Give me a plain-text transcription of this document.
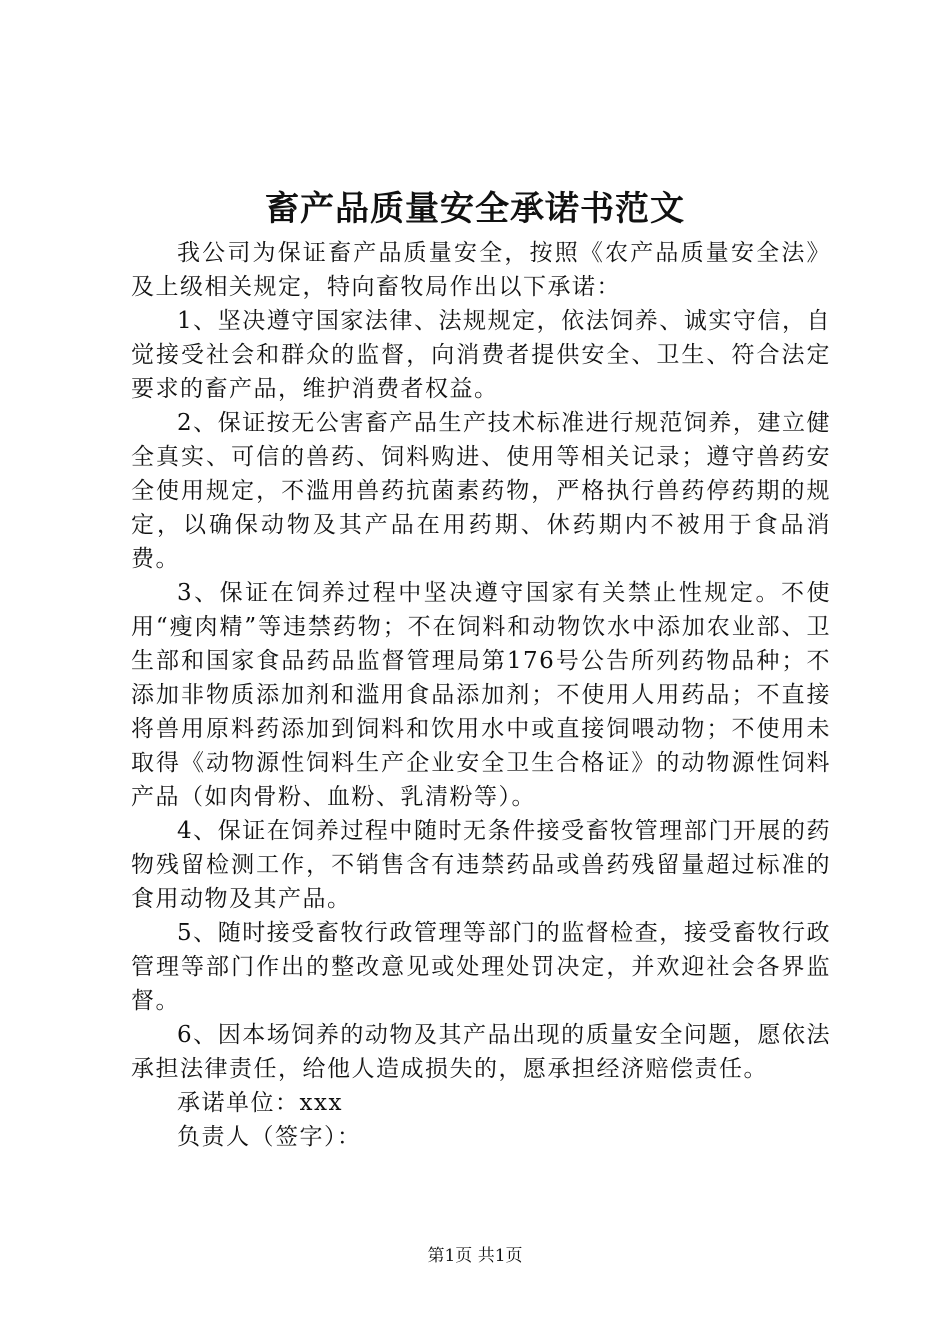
畜产品质量安全承诺书范文

我公司为保证畜产品质量安全，按照《农产品质量安全法》及上级相关规定，特向畜牧局作出以下承诺：

1、坚决遵守国家法律、法规规定，依法饲养、诚实守信，自觉接受社会和群众的监督，向消费者提供安全、卫生、符合法定要求的畜产品，维护消费者权益。

2、保证按无公害畜产品生产技术标准进行规范饲养，建立健全真实、可信的兽药、饲料购进、使用等相关记录；遵守兽药安全使用规定，不滥用兽药抗菌素药物，严格执行兽药停药期的规定，以确保动物及其产品在用药期、休药期内不被用于食品消费。

3、保证在饲养过程中坚决遵守国家有关禁止性规定。不使用“瘦肉精”等违禁药物；不在饲料和动物饮水中添加农业部、卫生部和国家食品药品监督管理局第176号公告所列药物品种；不添加非物质添加剂和滥用食品添加剂；不使用人用药品；不直接将兽用原料药添加到饲料和饮用水中或直接饲喂动物；不使用未取得《动物源性饲料生产企业安全卫生合格证》的动物源性饲料产品（如肉骨粉、血粉、乳清粉等）。

4、保证在饲养过程中随时无条件接受畜牧管理部门开展的药物残留检测工作，不销售含有违禁药品或兽药残留量超过标准的食用动物及其产品。

5、随时接受畜牧行政管理等部门的监督检查，接受畜牧行政管理等部门作出的整改意见或处理处罚决定，并欢迎社会各界监督。

6、因本场饲养的动物及其产品出现的质量安全问题，愿依法承担法律责任，给他人造成损失的，愿承担经济赔偿责任。

承诺单位：xxx

负责人（签字）：

第1页 共1页
